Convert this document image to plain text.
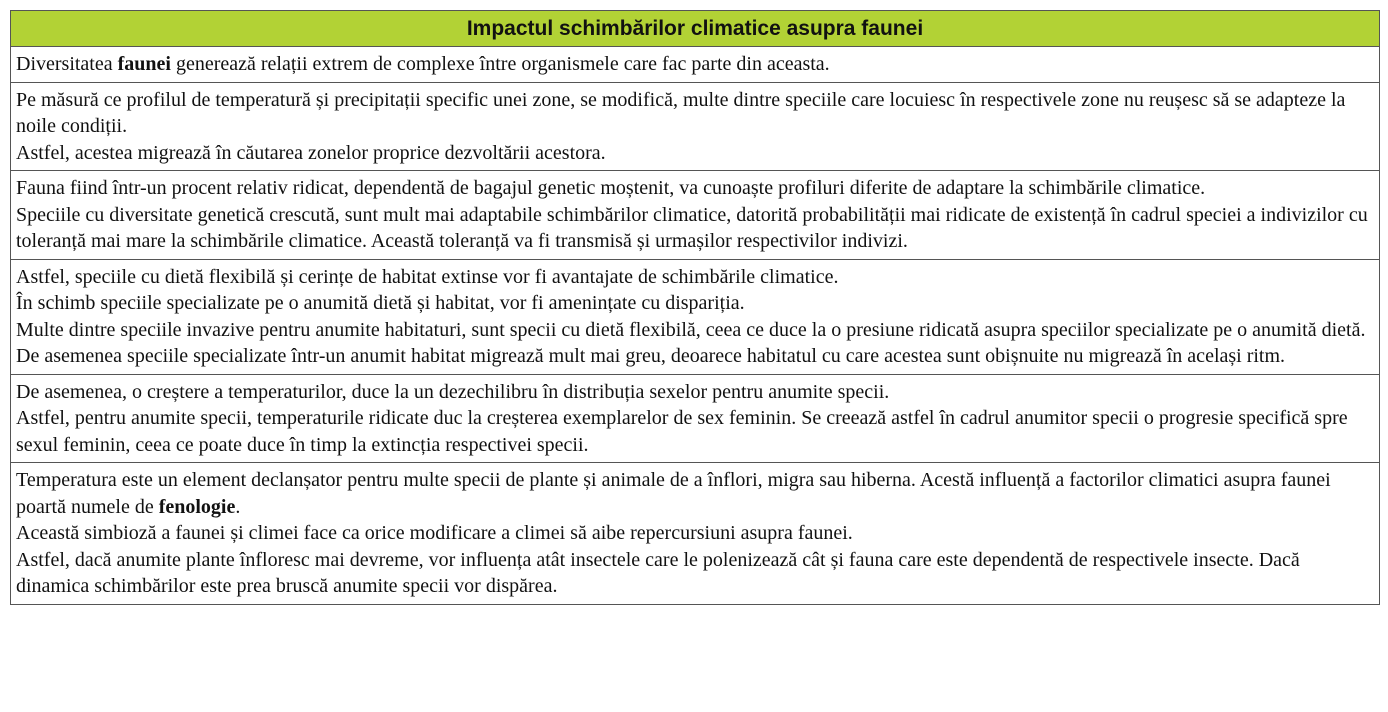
Impactul schimbărilor climatice asupra faunei
Diversitatea faunei generează relații extrem de complexe între organismele care fac parte din aceasta.
Pe măsură ce profilul de temperatură și precipitații specific unei zone, se modifică, multe dintre speciile care locuiesc în respectivele zone nu reușesc să se adapteze la noile condiții.
Astfel, acestea migrează în căutarea zonelor proprice dezvoltării acestora.
Fauna fiind într-un procent relativ ridicat, dependentă de bagajul genetic moștenit, va cunoaște profiluri diferite de adaptare la schimbările climatice.
Speciile cu diversitate genetică crescută, sunt mult mai adaptabile schimbărilor climatice, datorită probabilității mai ridicate de existență în cadrul speciei a indivizilor cu toleranță mai mare la schimbările climatice. Această toleranță va fi transmisă și urmașilor respectivilor indivizi.
Astfel, speciile cu dietă flexibilă și cerințe de habitat extinse vor fi avantajate de schimbările climatice.
În schimb speciile specializate pe o anumită dietă și habitat, vor fi amenințate cu dispariția.
Multe dintre speciile invazive pentru anumite habitaturi, sunt specii cu dietă flexibilă, ceea ce duce la o presiune ridicată asupra speciilor specializate pe o anumită dietă.
De asemenea speciile specializate într-un anumit habitat migrează mult mai greu, deoarece habitatul cu care acestea sunt obișnuite nu migrează în același ritm.
De asemenea, o creștere a temperaturilor, duce la un dezechilibru în distribuția sexelor pentru anumite specii.
Astfel, pentru anumite specii, temperaturile ridicate duc la creșterea exemplarelor de sex feminin. Se creează astfel în cadrul anumitor specii o progresie specifică spre sexul feminin, ceea ce poate duce în timp la extincția respectivei specii.
Temperatura este un element declanșator pentru multe specii de plante și animale de a înflori, migra sau hiberna. Acestă influență a factorilor climatici asupra faunei poartă numele de fenologie.
Această simbioză a faunei și climei face ca orice modificare a climei să aibe repercursiuni asupra faunei.
Astfel, dacă anumite plante înfloresc mai devreme, vor influența atât insectele care le polenizează cât și fauna care este dependentă de respectivele insecte. Dacă dinamica schimbărilor este prea bruscă anumite specii vor dispărea.
